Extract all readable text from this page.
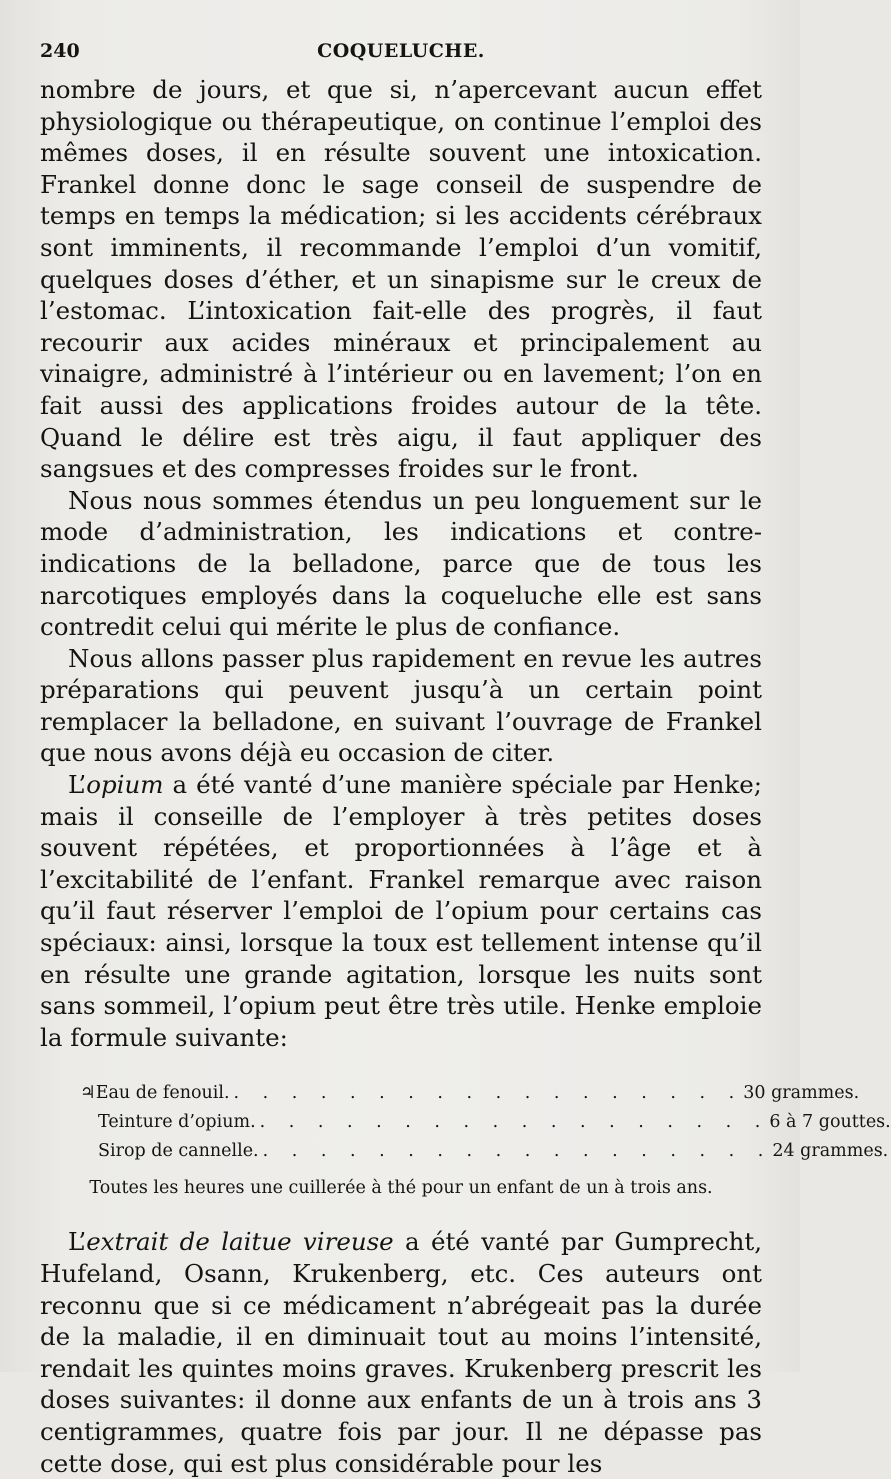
240	COQUELUCHE.

nombre de jours, et que si, n’apercevant aucun effet physiologique ou thérapeutique, on continue l’emploi des mêmes doses, il en résulte souvent une intoxication. Frankel donne donc le sage conseil de suspendre de temps en temps la médication; si les accidents cérébraux sont imminents, il recommande l’emploi d’un vomitif, quelques doses d’éther, et un sinapisme sur le creux de l’estomac. L’intoxication fait-elle des progrès, il faut recourir aux acides minéraux et principalement au vinaigre, administré à l’intérieur ou en lavement; l’on en fait aussi des applications froides autour de la tête. Quand le délire est très aigu, il faut appliquer des sangsues et des compresses froides sur le front.

Nous nous sommes étendus un peu longuement sur le mode d’administration, les indications et contre-indications de la belladone, parce que de tous les narcotiques employés dans la coqueluche elle est sans contredit celui qui mérite le plus de confiance.

Nous allons passer plus rapidement en revue les autres préparations qui peuvent jusqu’à un certain point remplacer la belladone, en suivant l’ouvrage de Frankel que nous avons déjà eu occasion de citer.

L’opium a été vanté d’une manière spéciale par Henke; mais il conseille de l’employer à très petites doses souvent répétées, et proportionnées à l’âge et à l’excitabilité de l’enfant. Frankel remarque avec raison qu’il faut réserver l’emploi de l’opium pour certains cas spéciaux: ainsi, lorsque la toux est tellement intense qu’il en résulte une grande agitation, lorsque les nuits sont sans sommeil, l’opium peut être très utile. Henke emploie la formule suivante:

♃ Eau de fenouil. . . . . . . . . . . . . . . . . . . 30 grammes.
Teinture d’opium. . . . . . . . . . . . . . . . . . . 6 à 7 gouttes.
Sirop de cannelle. . . . . . . . . . . . . . . . . . . 24 grammes.
Toutes les heures une cuillerée à thé pour un enfant de un à trois ans.

L’extrait de laitue vireuse a été vanté par Gumprecht, Hufeland, Osann, Krukenberg, etc. Ces auteurs ont reconnu que si ce médicament n’abrégeait pas la durée de la maladie, il en diminuait tout au moins l’intensité, rendait les quintes moins graves. Krukenberg prescrit les doses suivantes: il donne aux enfants de un à trois ans 3 centigrammes, quatre fois par jour. Il ne dépasse pas cette dose, qui est plus considérable pour les
